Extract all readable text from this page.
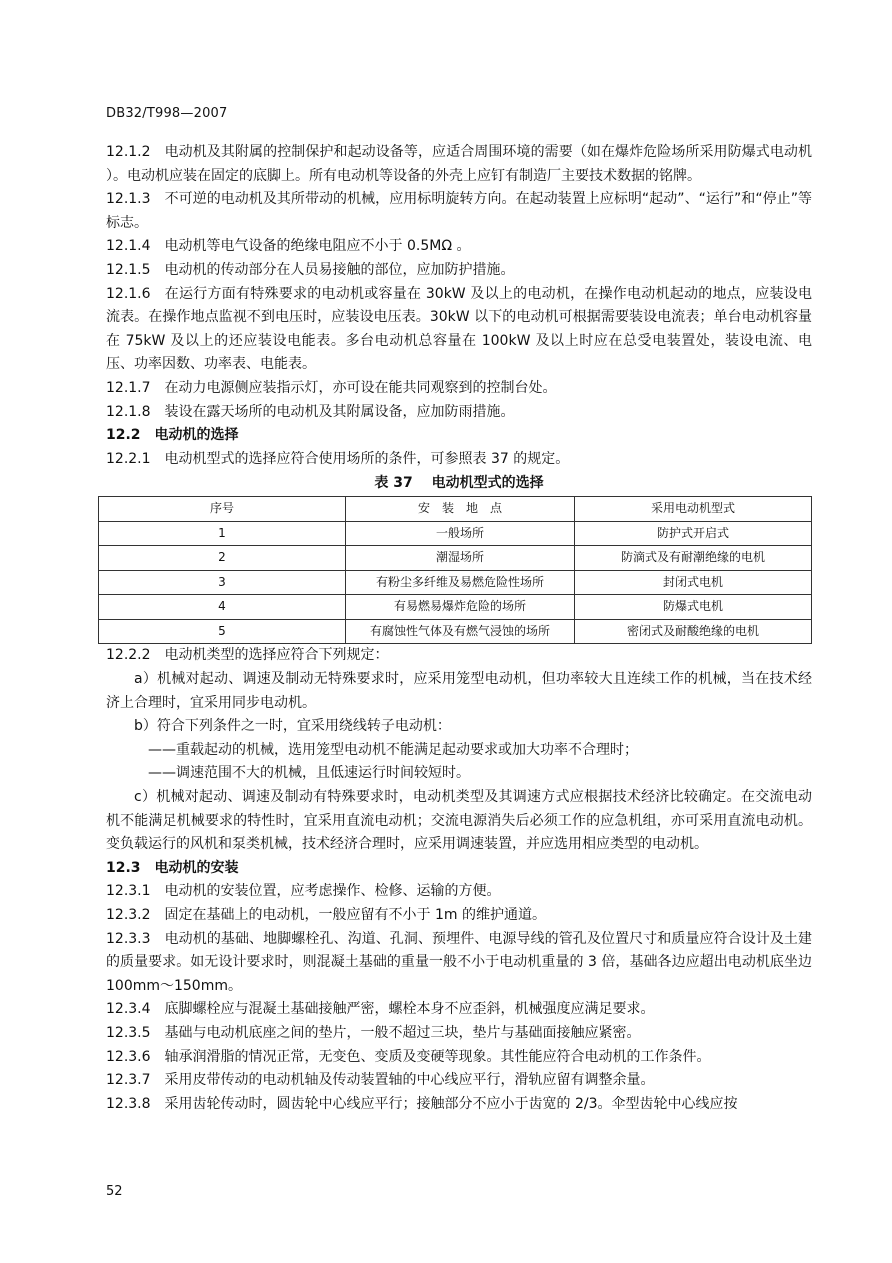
DB32/T998—2007

12.1.2 电动机及其附属的控制保护和起动设备等，应适合周围环境的需要（如在爆炸危险场所采用防爆式电动机 ）。电动机应装在固定的底脚上。所有电动机等设备的外壳上应钉有制造厂主要技术数据的铭牌。

12.1.3 不可逆的电动机及其所带动的机械，应用标明旋转方向。在起动装置上应标明“起动”、“运行”和“停止”等标志。

12.1.4 电动机等电气设备的绝缘电阻应不小于 0.5MΩ 。

12.1.5 电动机的传动部分在人员易接触的部位，应加防护措施。

12.1.6 在运行方面有特殊要求的电动机或容量在 30kW 及以上的电动机，在操作电动机起动的地点，应装设电流表。在操作地点监视不到电压时，应装设电压表。30kW 以下的电动机可根据需要装设电流表；单台电动机容量在 75kW 及以上的还应装设电能表。多台电动机总容量在 100kW 及以上时应在总受电装置处，装设电流、电压、功率因数、功率表、电能表。

12.1.7 在动力电源侧应装指示灯，亦可设在能共同观察到的控制台处。

12.1.8 装设在露天场所的电动机及其附属设备，应加防雨措施。

12.2 电动机的选择

12.2.1 电动机型式的选择应符合使用场所的条件，可参照表 37 的规定。

表 37　 电动机型式的选择
序号	安　装　地　点	采用电动机型式
1	一般场所	防护式开启式
2	潮湿场所	防滴式及有耐潮绝缘的电机
3	有粉尘多纤维及易燃危险性场所	封闭式电机
4	有易燃易爆炸危险的场所	防爆式电机
5	有腐蚀性气体及有燃气浸蚀的场所	密闭式及耐酸绝缘的电机

12.2.2 电动机类型的选择应符合下列规定：

a）机械对起动、调速及制动无特殊要求时，应采用笼型电动机，但功率较大且连续工作的机械，当在技术经济上合理时，宜采用同步电动机。

b）符合下列条件之一时，宜采用绕线转子电动机：

——重载起动的机械，选用笼型电动机不能满足起动要求或加大功率不合理时；

——调速范围不大的机械，且低速运行时间较短时。

c）机械对起动、调速及制动有特殊要求时，电动机类型及其调速方式应根据技术经济比较确定。在交流电动机不能满足机械要求的特性时，宜采用直流电动机；交流电源消失后必须工作的应急机组，亦可采用直流电动机。变负载运行的风机和泵类机械，技术经济合理时，应采用调速装置，并应选用相应类型的电动机。

12.3 电动机的安装

12.3.1 电动机的安装位置，应考虑操作、检修、运输的方便。

12.3.2 固定在基础上的电动机，一般应留有不小于 1m 的维护通道。

12.3.3 电动机的基础、地脚螺栓孔、沟道、孔洞、预埋件、电源导线的管孔及位置尺寸和质量应符合设计及土建的质量要求。如无设计要求时，则混凝土基础的重量一般不小于电动机重量的 3 倍，基础各边应超出电动机底坐边 100mm～150mm。

12.3.4 底脚螺栓应与混凝土基础接触严密，螺栓本身不应歪斜，机械强度应满足要求。

12.3.5 基础与电动机底座之间的垫片，一般不超过三块，垫片与基础面接触应紧密。

12.3.6 轴承润滑脂的情况正常，无变色、变质及变硬等现象。其性能应符合电动机的工作条件。

12.3.7 采用皮带传动的电动机轴及传动装置轴的中心线应平行，滑轨应留有调整余量。

12.3.8 采用齿轮传动时，圆齿轮中心线应平行；接触部分不应小于齿宽的 2/3。伞型齿轮中心线应按

52
